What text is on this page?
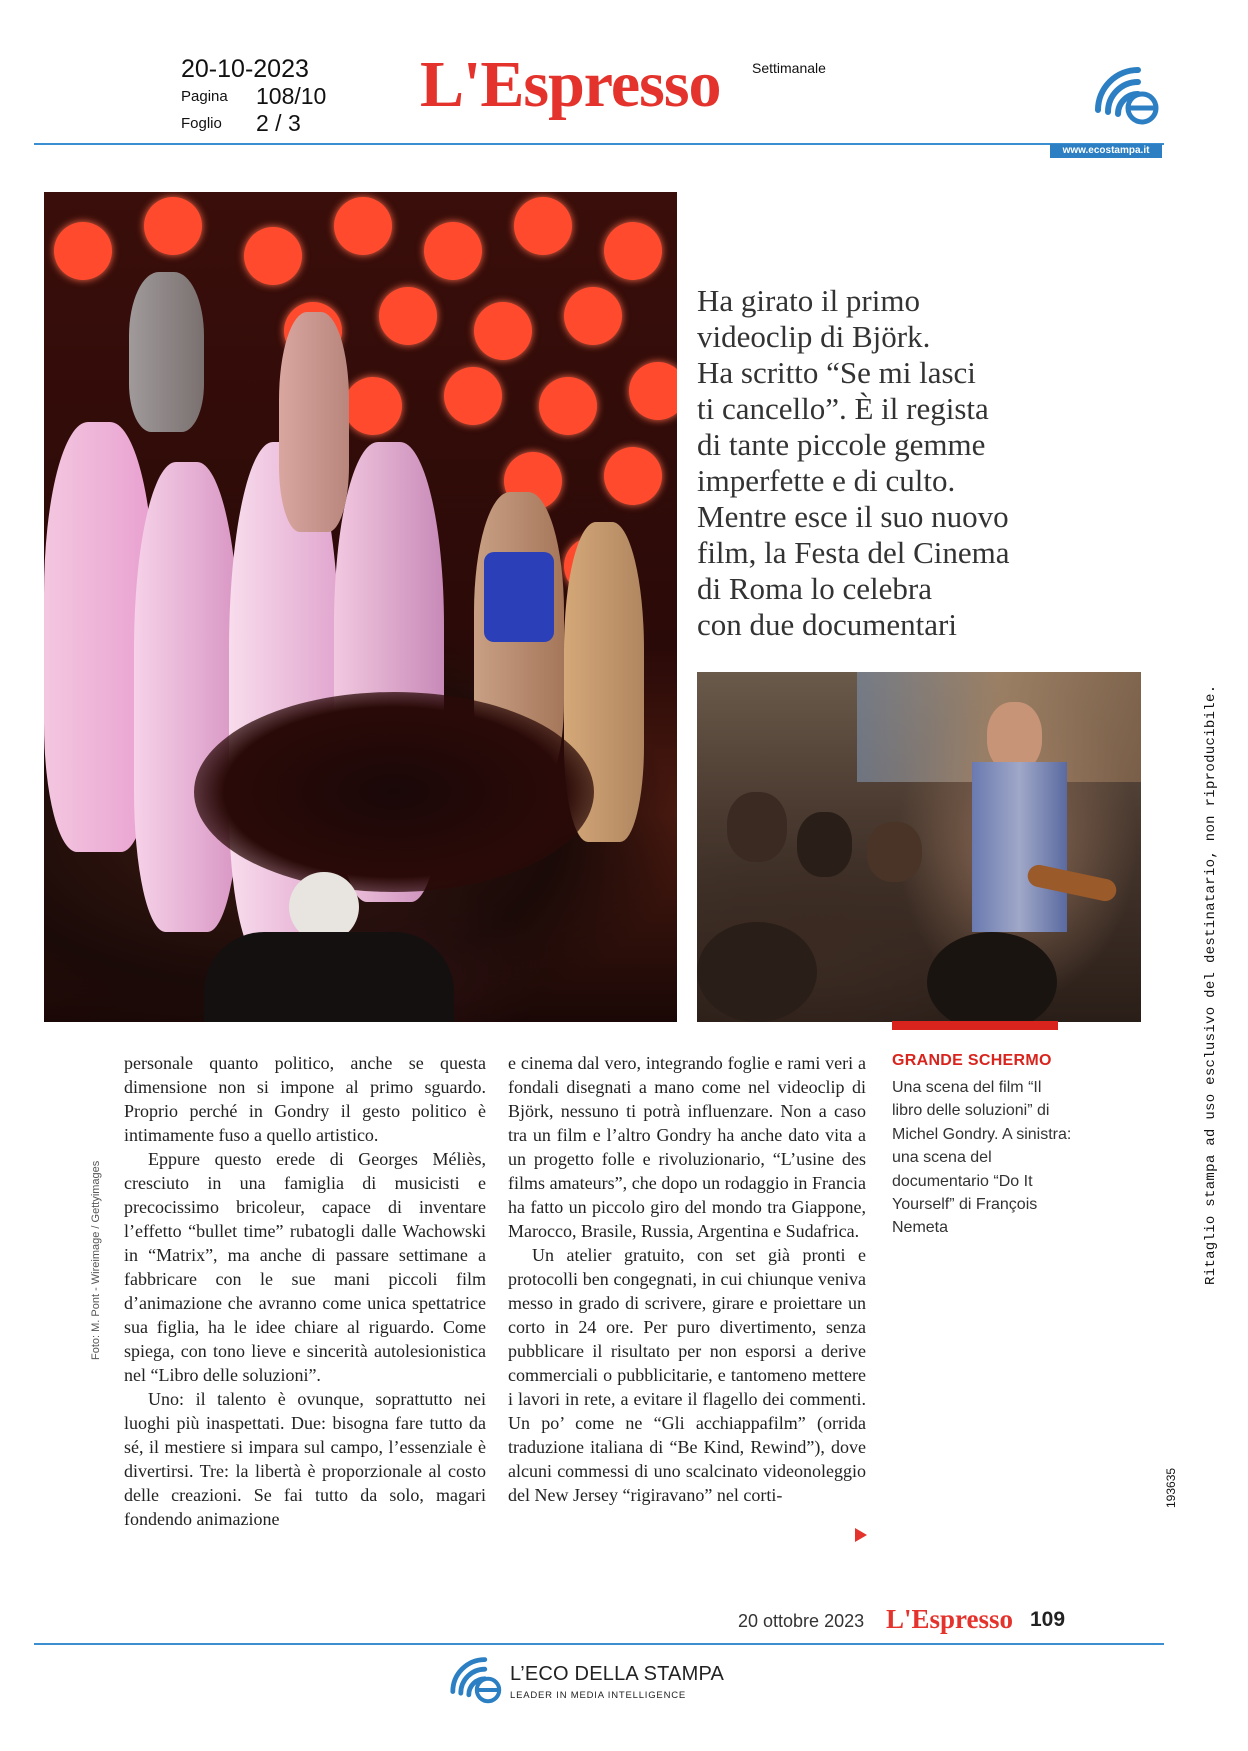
20-10-2023
Pagina 108/10
Foglio 2 / 3
L'Espresso Settimanale
www.ecostampa.it
Ha girato il primo
videoclip di Björk.
Ha scritto “Se mi lasci
ti cancello”. È il regista
di tante piccole gemme
imperfette e di culto.
Mentre esce il suo nuovo
film, la Festa del Cinema
di Roma lo celebra
con due documentari

personale quanto politico, anche se questa dimensione non si impone al primo sguardo. Proprio perché in Gondry il gesto politico è intimamente fuso a quello artistico.

Eppure questo erede di Georges Méliès, cresciuto in una famiglia di musicisti e precocissimo bricoleur, capace di inventare l’effetto “bullet time” rubatogli dalle Wachowski in “Matrix”, ma anche di passare settimane a fabbricare con le sue mani piccoli film d’animazione che avranno come unica spettatrice sua figlia, ha le idee chiare al riguardo. Come spiega, con tono lieve e sincerità autolesionistica nel “Libro delle soluzioni”.

Uno: il talento è ovunque, soprattutto nei luoghi più inaspettati. Due: bisogna fare tutto da sé, il mestiere si impara sul campo, l’essenziale è divertirsi. Tre: la libertà è proporzionale al costo delle creazioni. Se fai tutto da solo, magari fondendo animazione

e cinema dal vero, integrando foglie e rami veri a fondali disegnati a mano come nel videoclip di Björk, nessuno ti potrà influenzare. Non a caso tra un film e l’altro Gondry ha anche dato vita a un progetto folle e rivoluzionario, “L’usine des films amateurs”, che dopo un rodaggio in Francia ha fatto un piccolo giro del mondo tra Giappone, Marocco, Brasile, Russia, Argentina e Sudafrica.

Un atelier gratuito, con set già pronti e protocolli ben congegnati, in cui chiunque veniva messo in grado di scrivere, girare e proiettare un corto in 24 ore. Per puro divertimento, senza pubblicare il risultato per non esporsi a derive commerciali o pubblicitarie, e tantomeno mettere i lavori in rete, a evitare il flagello dei commenti. Un po’ come ne “Gli acchiappafilm” (orrida traduzione italiana di “Be Kind, Rewind”), dove alcuni commessi di uno scalcinato videonoleggio del New Jersey “rigiravano” nel corti-

GRANDE SCHERMO
Una scena del film “Il libro delle soluzioni” di Michel Gondry. A sinistra: una scena del documentario “Do It Yourself” di François Nemeta
Foto: M. Pont - Wireimage / Gettyimages	Ritaglio stampa ad uso esclusivo del destinatario, non riproducibile.
193635
20 ottobre 2023 L'Espresso 109
L’ECO DELLA STAMPA
LEADER IN MEDIA INTELLIGENCE
